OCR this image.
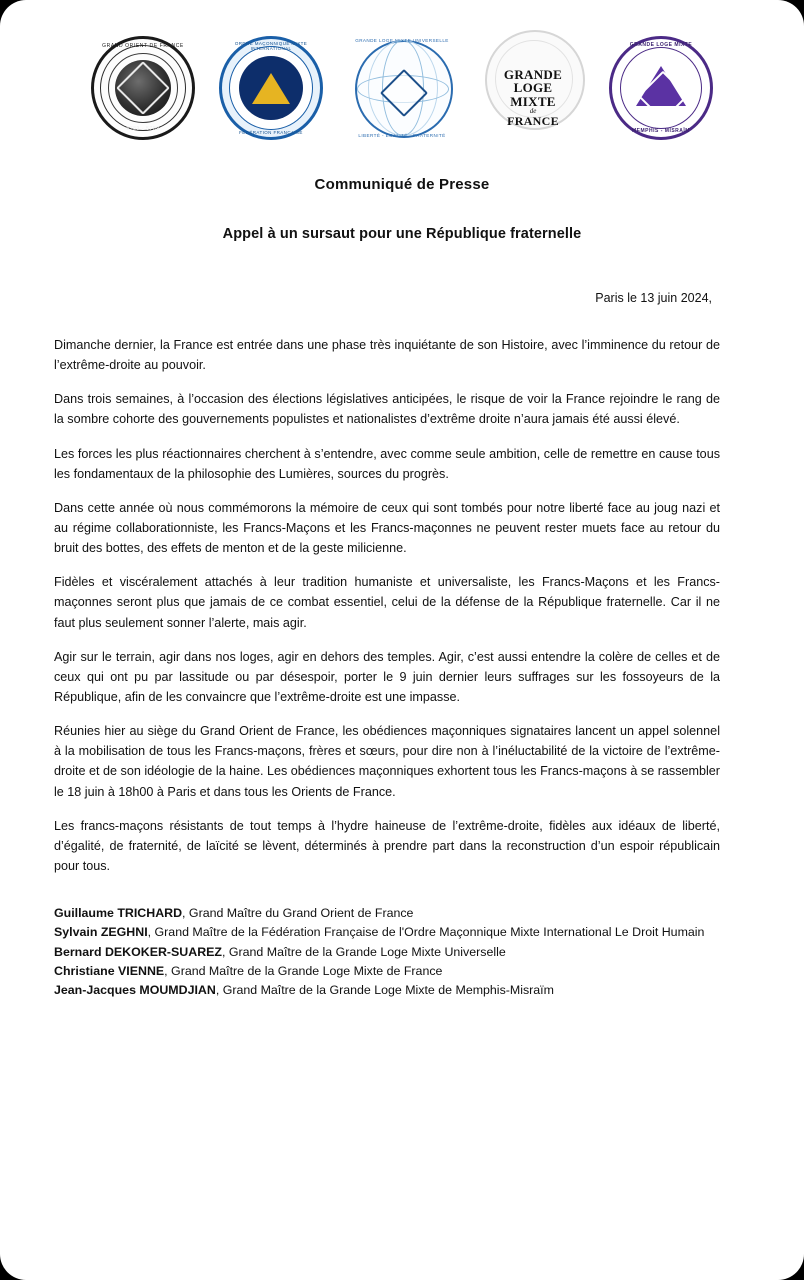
GRAND ORIENT DE FRANCE
5789 - 5789
ORDRE MAÇONNIQUE MIXTE INTERNATIONAL
FÉDÉRATION FRANÇAISE
GRANDE LOGE MIXTE UNIVERSELLE
LIBERTÉ - ÉGALITÉ - FRATERNITÉ
GRANDE
LOGE
MIXTE
de
FRANCE
GRANDE LOGE MIXTE
MEMPHIS - MISRAÏM
Communiqué de Presse
Appel à un sursaut pour une République fraternelle
Paris le 13 juin 2024,

Dimanche dernier, la France est entrée dans une phase très inquiétante de son Histoire, avec l’imminence du retour de l’extrême-droite au pouvoir.

Dans trois semaines, à l’occasion des élections législatives anticipées, le risque de voir la France rejoindre le rang de la sombre cohorte des gouvernements populistes et nationalistes d’extrême droite n’aura jamais été aussi élevé.

Les forces les plus réactionnaires cherchent à s’entendre, avec comme seule ambition, celle de remettre en cause tous les fondamentaux de la philosophie des Lumières, sources du progrès.

Dans cette année où nous commémorons la mémoire de ceux qui sont tombés pour notre liberté face au joug nazi et au régime collaborationniste, les Francs-Maçons et les Francs-maçonnes ne peuvent rester muets face au retour du bruit des bottes, des effets de menton et de la geste milicienne.

Fidèles et viscéralement attachés à leur tradition humaniste et universaliste, les Francs-Maçons et les Francs-maçonnes seront plus que jamais de ce combat essentiel, celui de la défense de la République fraternelle. Car il ne faut plus seulement sonner l’alerte, mais agir.

Agir sur le terrain, agir dans nos loges, agir en dehors des temples. Agir, c’est aussi entendre la colère de celles et de ceux qui ont pu par lassitude ou par désespoir, porter le 9 juin dernier leurs suffrages sur les fossoyeurs de la République, afin de les convaincre que l’extrême-droite est une impasse.

Réunies hier au siège du Grand Orient de France, les obédiences maçonniques signataires lancent un appel solennel à la mobilisation de tous les Francs-maçons, frères et sœurs, pour dire non à l’inéluctabilité de la victoire de l’extrême-droite et de son idéologie de la haine. Les obédiences maçonniques exhortent tous les Francs-maçons à se rassembler le 18 juin à 18h00 à Paris et dans tous les Orients de France.

Les francs-maçons résistants de tout temps à l’hydre haineuse de l’extrême-droite, fidèles aux idéaux de liberté, d’égalité, de fraternité, de laïcité se lèvent, déterminés à prendre part dans la reconstruction d’un espoir républicain pour tous.

Guillaume TRICHARD, Grand Maître du Grand Orient de France

Sylvain ZEGHNI, Grand Maître de la Fédération Française de l'Ordre Maçonnique Mixte International Le Droit Humain

Bernard DEKOKER-SUAREZ, Grand Maître de la Grande Loge Mixte Universelle

Christiane VIENNE, Grand Maître de la Grande Loge Mixte de France

Jean-Jacques MOUMDJIAN, Grand Maître de la Grande Loge Mixte de Memphis-Misraïm
